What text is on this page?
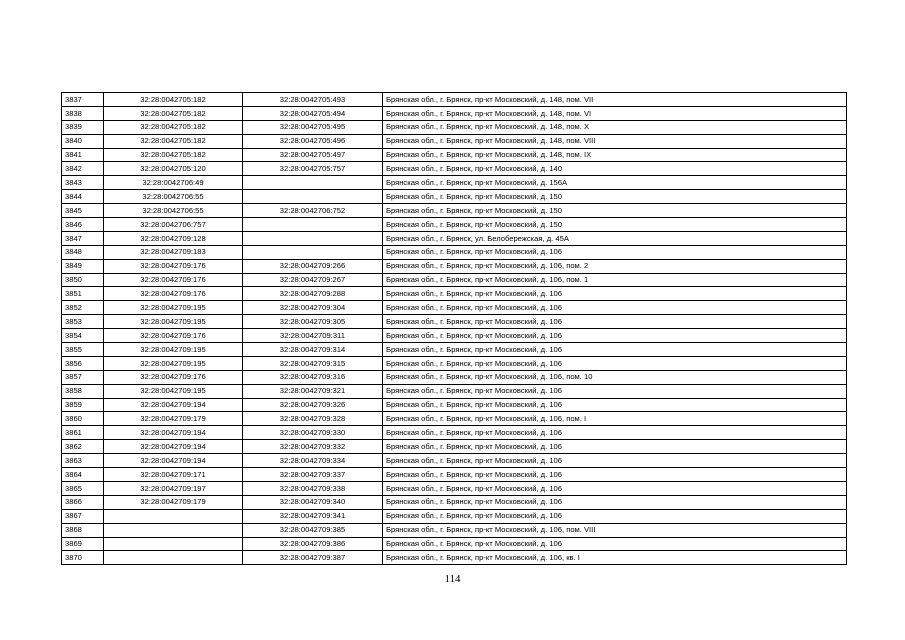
3837	32:28:0042705:182	32:28:0042705:493	Брянская обл., г. Брянск, пр-кт Московский, д. 148, пом. VII
3838	32:28:0042705:182	32:28:0042705:494	Брянская обл., г. Брянск, пр-кт Московский, д. 148, пом. VI
3839	32:28:0042705:182	32:28:0042705:495	Брянская обл., г. Брянск, пр-кт Московский, д. 148, пом. X
3840	32:28:0042705:182	32:28:0042705:496	Брянская обл., г. Брянск, пр-кт Московский, д. 148, пом. VIII
3841	32:28:0042705:182	32:28:0042705:497	Брянская обл., г. Брянск, пр-кт Московский, д. 148, пом. IX
3842	32:28:0042705:120	32:28:0042705:757	Брянская обл., г. Брянск, пр-кт Московский, д. 140
3843	32:28:0042706:49		Брянская обл., г. Брянск, пр-кт Московский, д. 156А
3844	32:28:0042706:55		Брянская обл., г. Брянск, пр-кт Московский, д. 150
3845	32:28:0042706:55	32:28:0042706:752	Брянская обл., г. Брянск, пр-кт Московский, д. 150
3846	32:28:0042706:757		Брянская обл., г. Брянск, пр-кт Московский, д. 150
3847	32:28:0042709:128		Брянская обл., г. Брянск, ул. Белобережская, д. 45А
3848	32:28:0042709:183		Брянская обл., г. Брянск, пр-кт Московский, д. 106
3849	32:28:0042709:176	32:28:0042709:266	Брянская обл., г. Брянск, пр-кт Московский, д. 106, пом. 2
3850	32:28:0042709:176	32:28:0042709:267	Брянская обл., г. Брянск, пр-кт Московский, д. 106, пом. 1
3851	32:28:0042709:176	32:28:0042709:288	Брянская обл., г. Брянск, пр-кт Московский, д. 106
3852	32:28:0042709:195	32:28:0042709:304	Брянская обл., г. Брянск, пр-кт Московский, д. 106
3853	32:28:0042709:195	32:28:0042709:305	Брянская обл., г. Брянск, пр-кт Московский, д. 106
3854	32:28:0042709:176	32:28:0042709:311	Брянская обл., г. Брянск, пр-кт Московский, д. 106
3855	32:28:0042709:195	32:28:0042709:314	Брянская обл., г. Брянск, пр-кт Московский, д. 106
3856	32:28:0042709:195	32:28:0042709:315	Брянская обл., г. Брянск, пр-кт Московский, д. 106
3857	32:28:0042709:176	32:28:0042709:316	Брянская обл., г. Брянск, пр-кт Московский, д. 106, пом. 10
3858	32:28:0042709:195	32:28:0042709:321	Брянская обл., г. Брянск, пр-кт Московский, д. 106
3859	32:28:0042709:194	32:28:0042709:326	Брянская обл., г. Брянск, пр-кт Московский, д. 106
3860	32:28:0042709:179	32:28:0042709:328	Брянская обл., г. Брянск, пр-кт Московский, д. 106, пом. I
3861	32:28:0042709:194	32:28:0042709:330	Брянская обл., г. Брянск, пр-кт Московский, д. 106
3862	32:28:0042709:194	32:28:0042709:332	Брянская обл., г. Брянск, пр-кт Московский, д. 106
3863	32:28:0042709:194	32:28:0042709:334	Брянская обл., г. Брянск, пр-кт Московский, д. 106
3864	32:28:0042709:171	32:28:0042709:337	Брянская обл., г. Брянск, пр-кт Московский, д. 106
3865	32:28:0042709:197	32:28:0042709:338	Брянская обл., г. Брянск, пр-кт Московский, д. 106
3866	32:28:0042709:179	32:28:0042709:340	Брянская обл., г. Брянск, пр-кт Московский, д. 106
3867		32:28:0042709:341	Брянская обл., г. Брянск, пр-кт Московский, д. 106
3868		32:28:0042709:385	Брянская обл., г. Брянск, пр-кт Московский, д. 106, пом. VIII
3869		32:28:0042709:386	Брянская обл., г. Брянск, пр-кт Московский, д. 106
3870		32:28:0042709:387	Брянская обл., г. Брянск, пр-кт Московский, д. 106, кв. I
114
